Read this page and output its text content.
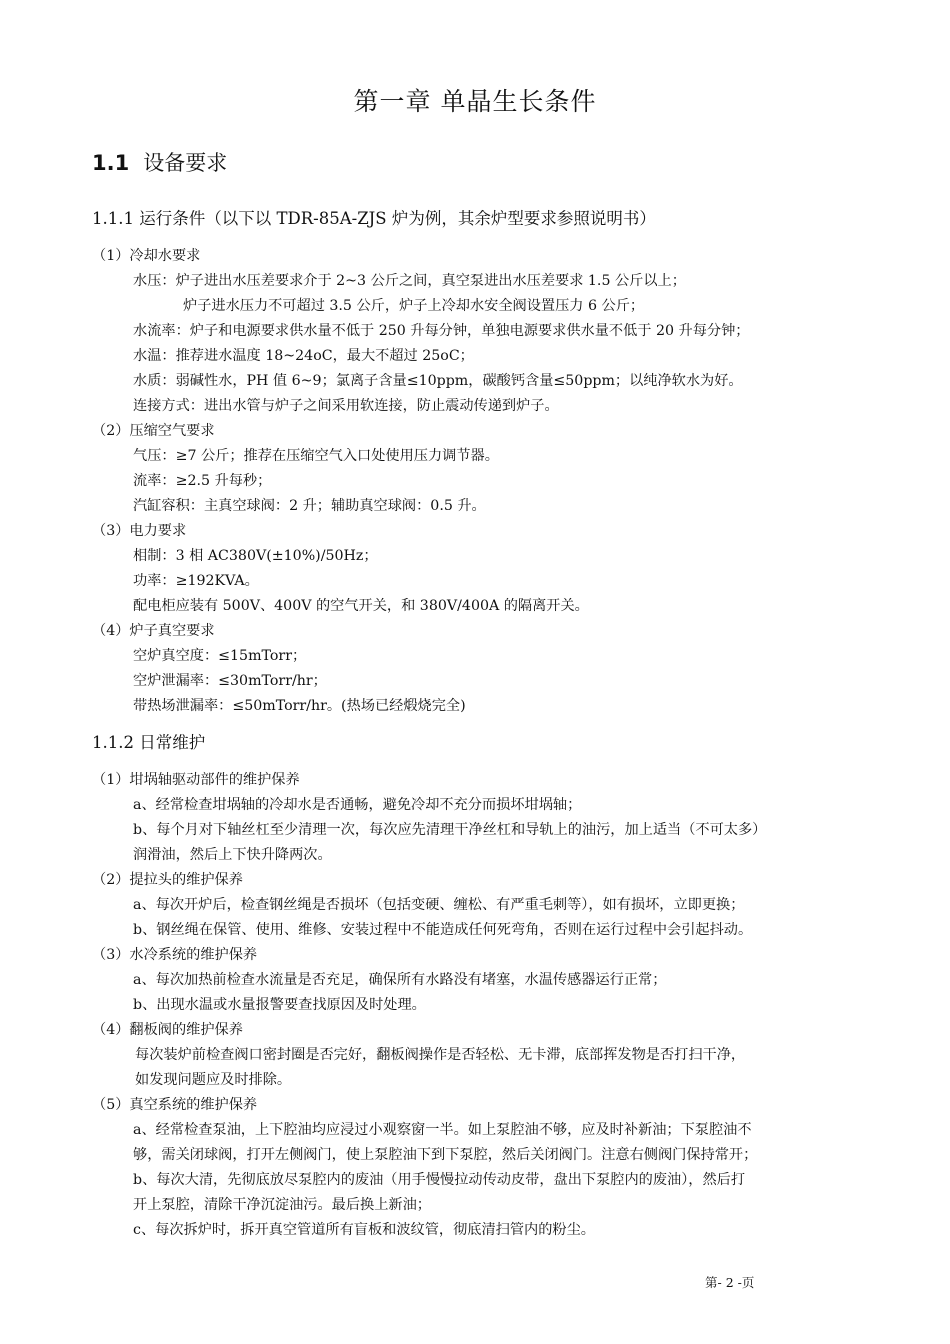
第一章 单晶生长条件
1.1 设备要求
1.1.1 运行条件（以下以 TDR-85A-ZJS 炉为例，其余炉型要求参照说明书）
（1）冷却水要求
水压：炉子进出水压差要求介于 2~3 公斤之间，真空泵进出水压差要求 1.5 公斤以上；
炉子进水压力不可超过 3.5 公斤，炉子上冷却水安全阀设置压力 6 公斤；
水流率：炉子和电源要求供水量不低于 250 升每分钟，单独电源要求供水量不低于 20 升每分钟；
水温：推荐进水温度 18~24oC，最大不超过 25oC；
水质：弱碱性水，PH 值 6~9；氯离子含量≤10ppm，碳酸钙含量≤50ppm；以纯净软水为好。
连接方式：进出水管与炉子之间采用软连接，防止震动传递到炉子。
（2）压缩空气要求
气压：≥7 公斤；推荐在压缩空气入口处使用压力调节器。
流率：≥2.5 升每秒；
汽缸容积：主真空球阀：2 升；辅助真空球阀：0.5 升。
（3）电力要求
相制：3 相 AC380V(±10%)/50Hz；
功率：≥192KVA。
配电柜应装有 500V、400V 的空气开关，和 380V/400A 的隔离开关。
（4）炉子真空要求
空炉真空度：≤15mTorr；
空炉泄漏率：≤30mTorr/hr；
带热场泄漏率：≤50mTorr/hr。(热场已经煅烧完全)
1.1.2 日常维护
（1）坩埚轴驱动部件的维护保养
a、经常检查坩埚轴的冷却水是否通畅，避免冷却不充分而损坏坩埚轴；
b、每个月对下轴丝杠至少清理一次，每次应先清理干净丝杠和导轨上的油污，加上适当（不可太多）
润滑油，然后上下快升降两次。
（2）提拉头的维护保养
a、每次开炉后，检查钢丝绳是否损坏（包括变硬、缠松、有严重毛刺等），如有损坏，立即更换；
b、钢丝绳在保管、使用、维修、安装过程中不能造成任何死弯角，否则在运行过程中会引起抖动。
（3）水冷系统的维护保养
a、每次加热前检查水流量是否充足，确保所有水路没有堵塞，水温传感器运行正常；
b、出现水温或水量报警要查找原因及时处理。
（4）翻板阀的维护保养
每次装炉前检查阀口密封圈是否完好，翻板阀操作是否轻松、无卡滞，底部挥发物是否打扫干净，
如发现问题应及时排除。
（5）真空系统的维护保养
a、经常检查泵油，上下腔油均应浸过小观察窗一半。如上泵腔油不够，应及时补新油；下泵腔油不
够，需关闭球阀，打开左侧阀门，使上泵腔油下到下泵腔，然后关闭阀门。注意右侧阀门保持常开；
b、每次大清，先彻底放尽泵腔内的废油（用手慢慢拉动传动皮带，盘出下泵腔内的废油），然后打
开上泵腔，清除干净沉淀油污。最后换上新油；
c、每次拆炉时，拆开真空管道所有盲板和波纹管，彻底清扫管内的粉尘。
第- 2 -页
